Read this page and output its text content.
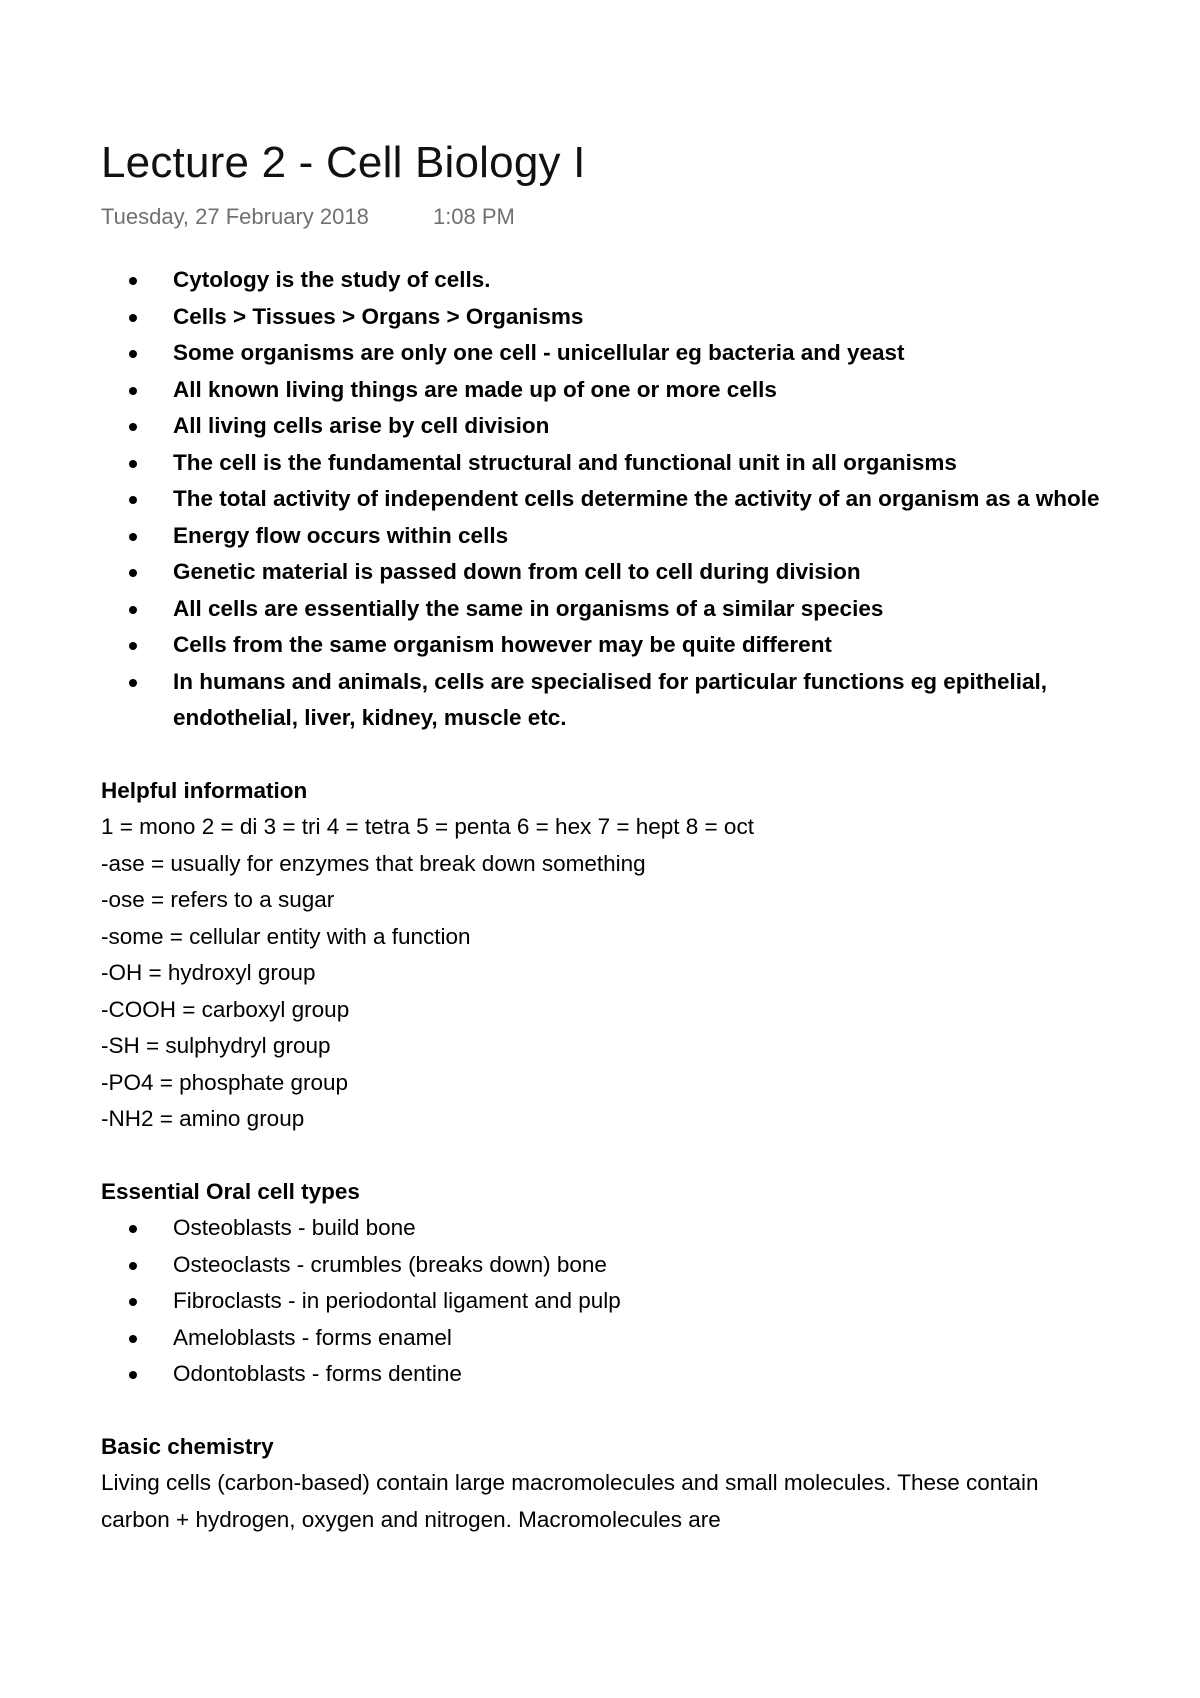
Lecture 2 - Cell Biology I
Tuesday, 27 February 2018	1:08 PM
Cytology is the study of cells.
Cells > Tissues > Organs > Organisms
Some organisms are only one cell - unicellular eg bacteria and yeast
All known living things are made up of one or more cells
All living cells arise by cell division
The cell is the fundamental structural and functional unit in all organisms
The total activity of independent cells determine the activity of an organism as a whole
Energy flow occurs within cells
Genetic material is passed down from cell to cell during division
All cells are essentially the same in organisms of a similar species
Cells from the same organism however may be quite different
In humans and animals, cells are specialised for particular functions eg epithelial, endothelial, liver, kidney, muscle etc.
Helpful information
1 = mono 2 = di 3 = tri 4 = tetra 5 = penta 6 = hex 7 = hept 8 = oct
-ase = usually for enzymes that break down something
-ose = refers to a sugar
-some = cellular entity with a function
-OH = hydroxyl group
-COOH = carboxyl group
-SH = sulphydryl group
-PO4 = phosphate group
-NH2 = amino group
Essential Oral cell types
Osteoblasts - build bone
Osteoclasts - crumbles (breaks down) bone
Fibroclasts - in periodontal ligament and pulp
Ameloblasts - forms enamel
Odontoblasts - forms dentine
Basic chemistry
Living cells (carbon-based) contain large macromolecules and small molecules. These contain carbon + hydrogen, oxygen and nitrogen. Macromolecules are
